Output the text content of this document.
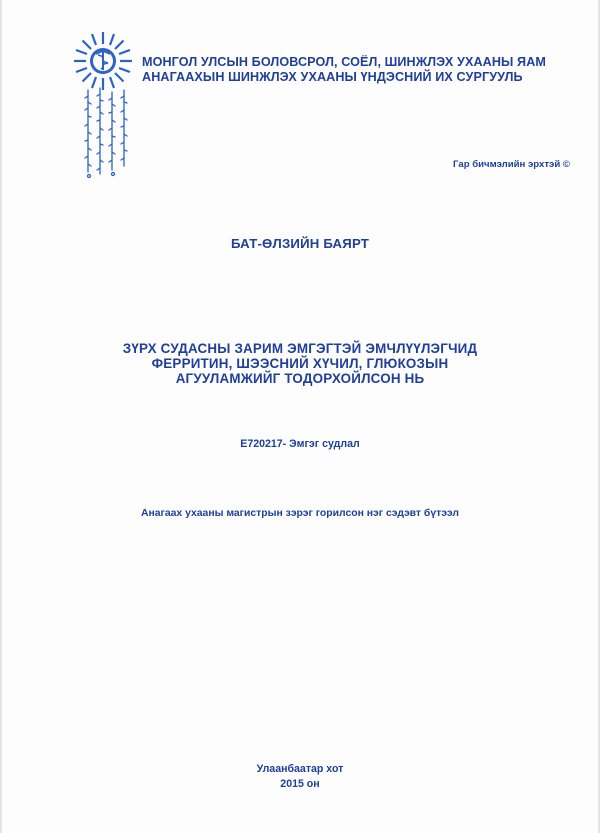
МОНГОЛ УЛСЫН БОЛОВСРОЛ, СОЁЛ, ШИНЖЛЭХ УХААНЫ ЯАМ
АНАГААХЫН ШИНЖЛЭХ УХААНЫ ҮНДЭСНИЙ ИХ СУРГУУЛЬ
Гар бичмэлийн эрхтэй ©
БАТ-ӨЛЗИЙН БАЯРТ
ЗҮРХ СУДАСНЫ ЗАРИМ ЭМГЭГТЭЙ ЭМЧЛҮҮЛЭГЧИД
ФЕРРИТИН, ШЭЭСНИЙ ХҮЧИЛ, ГЛЮКОЗЫН
АГУУЛАМЖИЙГ ТОДОРХОЙЛСОН НЬ
Е720217- Эмгэг судлал
Анагаах ухааны магистрын зэрэг горилсон нэг сэдэвт бүтээл
Улаанбаатар хот
2015 он
